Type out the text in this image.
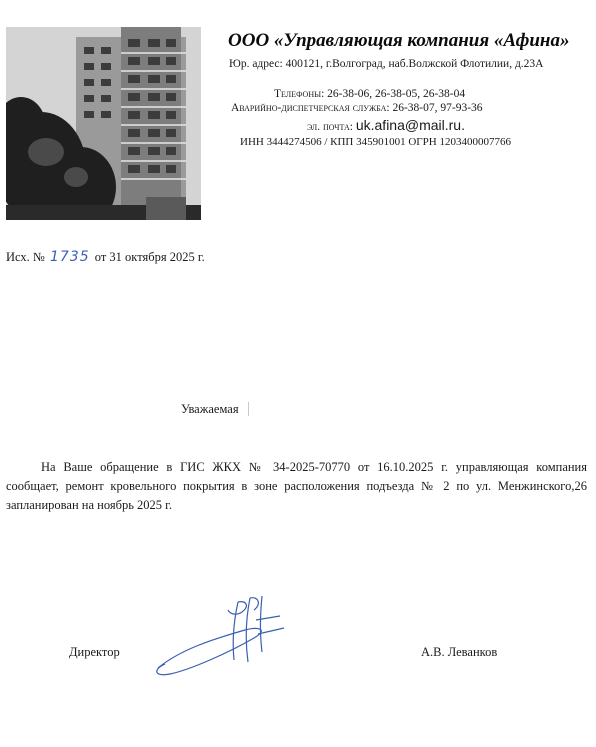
ООО «Управляющая компания «Афина»
Юр. адрес: 400121, г.Волгоград, наб.Волжской Флотилии, д.23А
Телефоны: 26-38-06, 26-38-05, 26-38-04
Аварийно-диспетчерская служба: 26-38-07, 97-93-36
эл. почта: uk.afina@mail.ru.
ИНН 3444274506 / КПП 345901001 ОГРН 1203400007766
Исх. № 1735 от 31 октября 2025 г.
Уважаемая
На Ваше обращение в ГИС ЖКХ № 34-2025-70770 от 16.10.2025 г. управляющая компания
сообщает, ремонт кровельного покрытия в зоне расположения подъезда № 2 по ул. Менжинского,26
запланирован на ноябрь 2025 г.
Директор	А.В. Леванков
